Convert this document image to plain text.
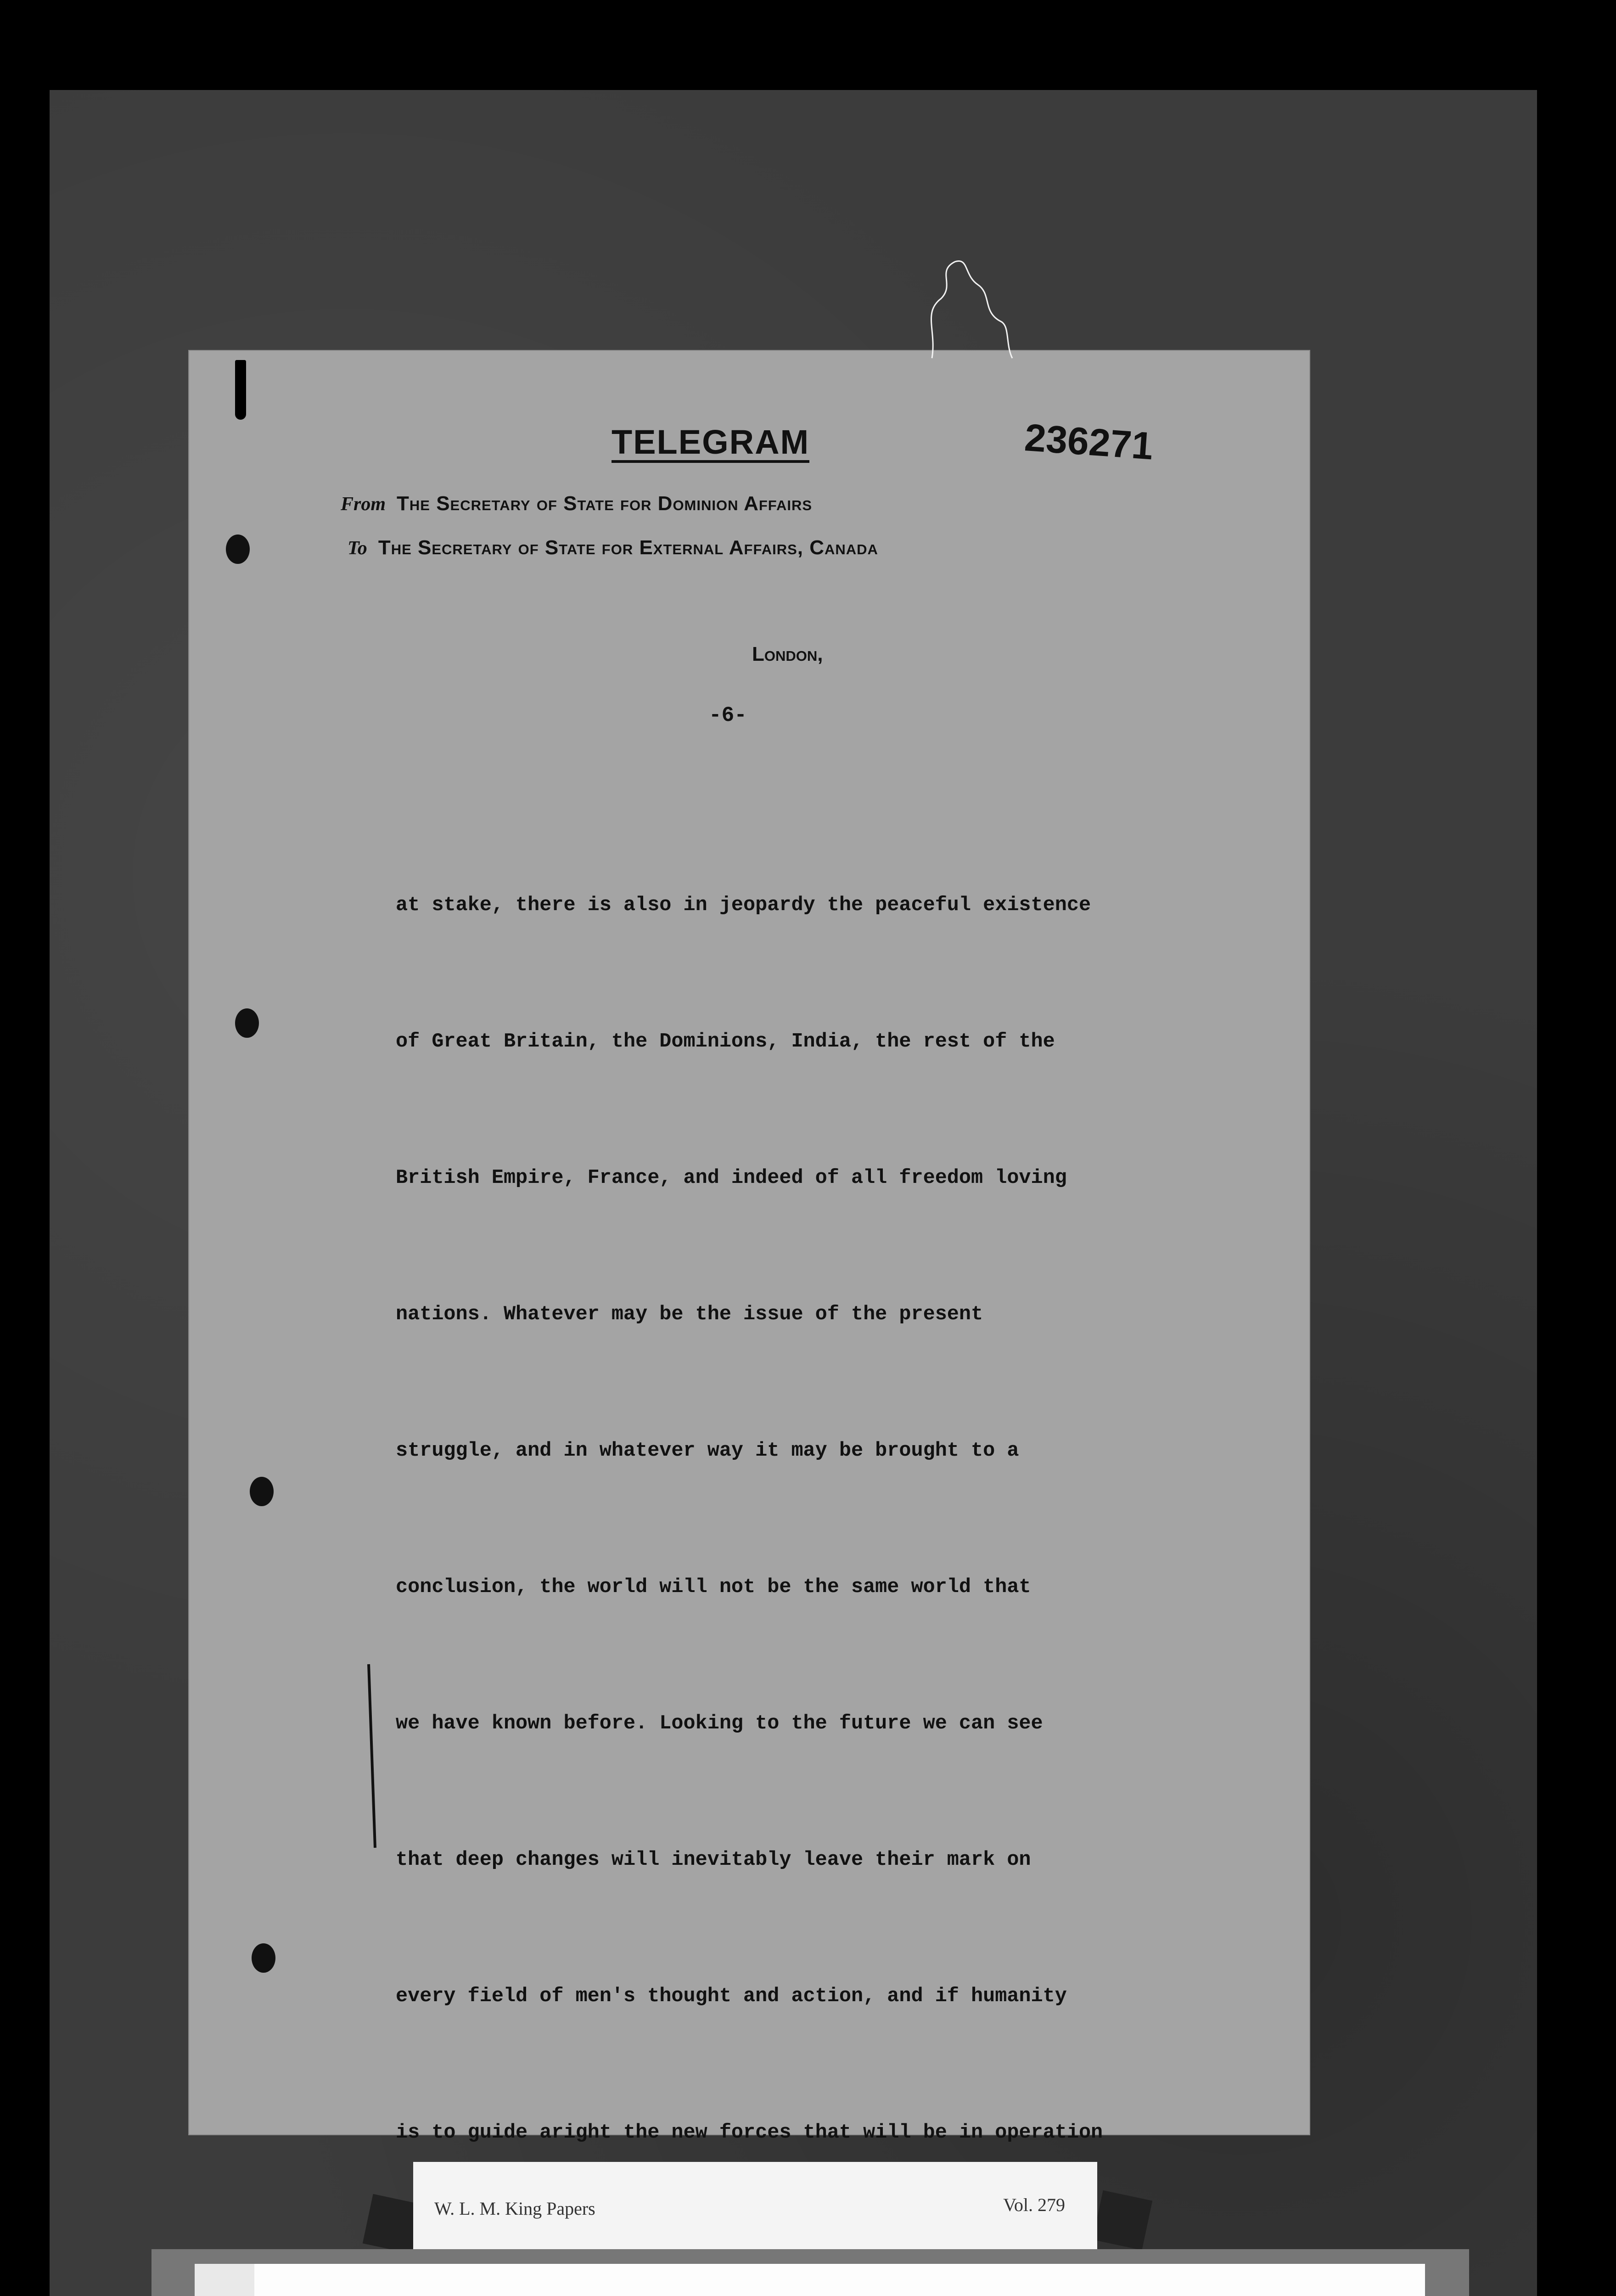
TELEGRAM	236271
From The Secretary of State for Dominion Affairs
To The Secretary of State for External Affairs, Canada
London,
-6-

at stake, there is also in jeopardy the peaceful existence

of Great Britain, the Dominions, India, the rest of the

British Empire, France, and indeed of all freedom loving

nations. Whatever may be the issue of the present

struggle, and in whatever way it may be brought to a

conclusion, the world will not be the same world that

we have known before. Looking to the future we can see

that deep changes will inevitably leave their mark on

every field of men's thought and action, and if humanity

is to guide aright the new forces that will be in operation

W. L. M. King Papers	Vol. 279
